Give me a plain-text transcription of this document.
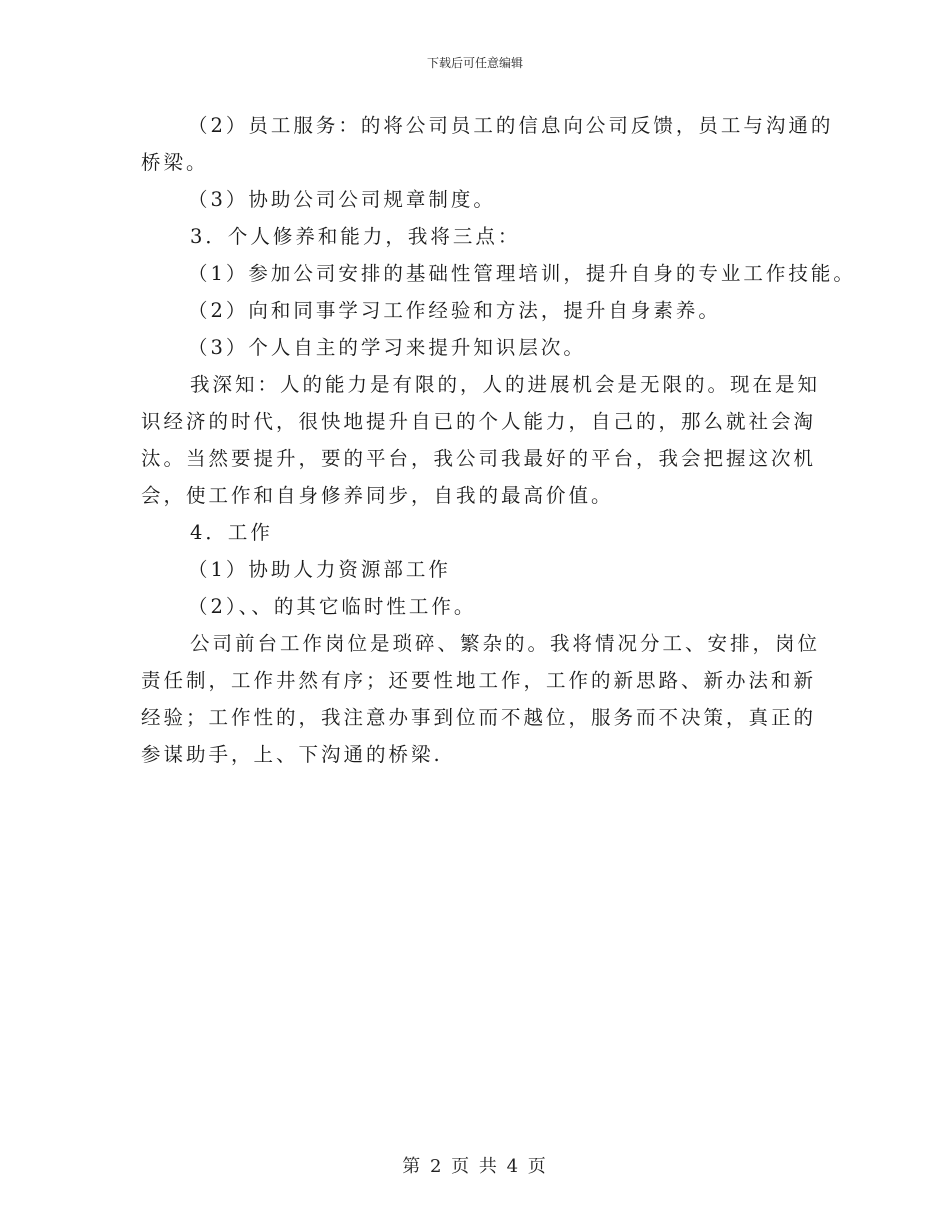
下载后可任意编辑
（2）员工服务：的将公司员工的信息向公司反馈，员工与沟通的
桥梁。
（3）协助公司公司规章制度。
3．个人修养和能力，我将三点：
（1）参加公司安排的基础性管理培训，提升自身的专业工作技能。
（2）向和同事学习工作经验和方法，提升自身素养。
（3）个人自主的学习来提升知识层次。
我深知：人的能力是有限的，人的进展机会是无限的。现在是知
识经济的时代，很快地提升自已的个人能力，自己的，那么就社会淘
汰。当然要提升，要的平台，我公司我最好的平台，我会把握这次机
会，使工作和自身修养同步，自我的最高价值。
4．工作
（1）协助人力资源部工作
（2）、、的其它临时性工作。
公司前台工作岗位是琐碎、繁杂的。我将情况分工、安排，岗位
责任制，工作井然有序；还要性地工作，工作的新思路、新办法和新
经验；工作性的，我注意办事到位而不越位，服务而不决策，真正的
参谋助手，上、下沟通的桥梁.
第 2 页 共 4 页
